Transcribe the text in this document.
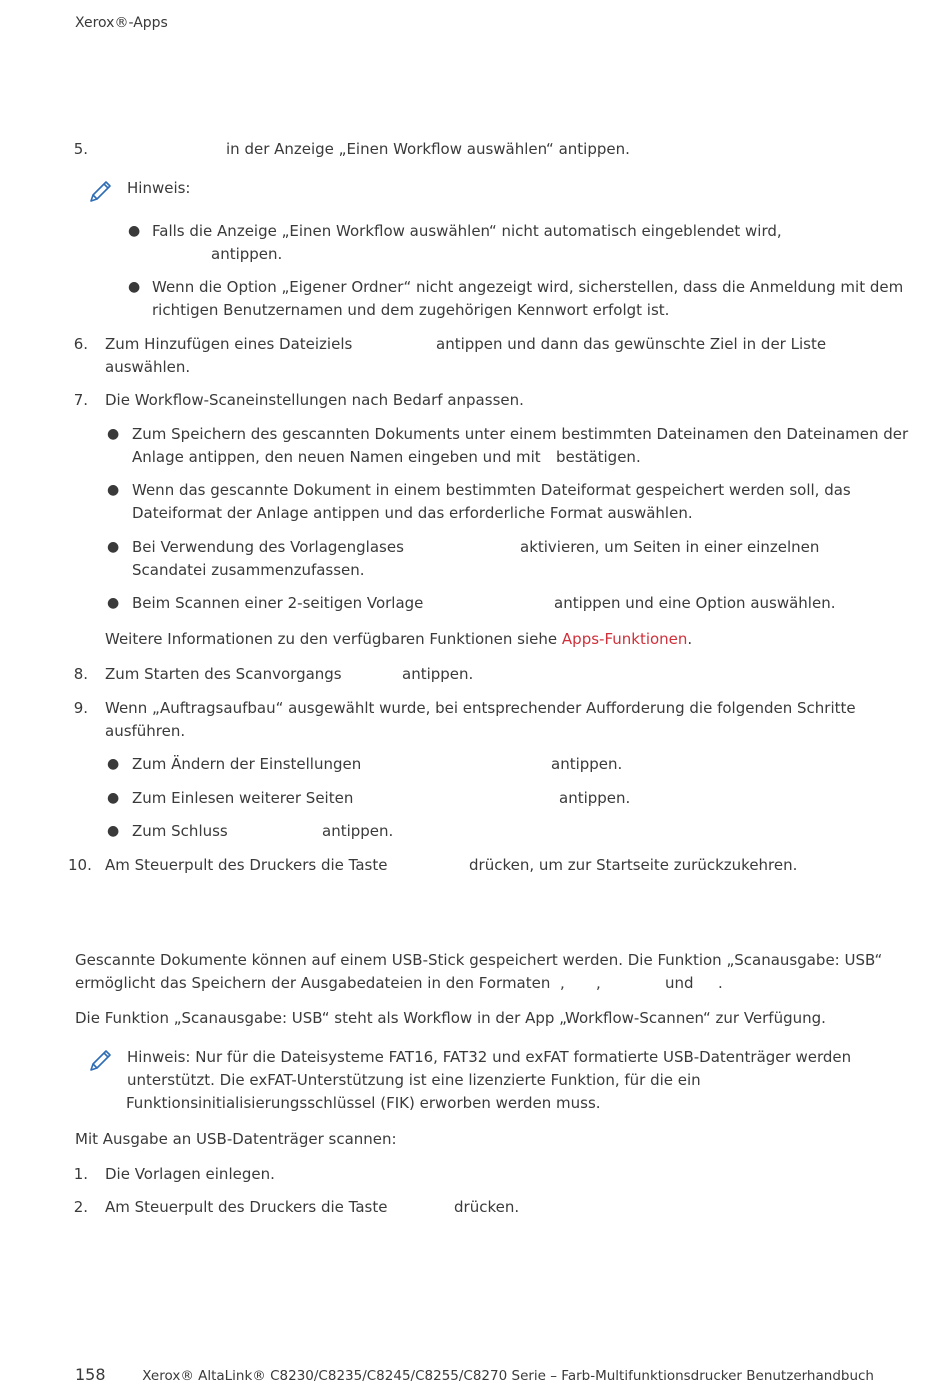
Xerox®-Apps
5.	in der Anzeige „Einen Workflow auswählen“ antippen.
Hinweis:
● Falls die Anzeige „Einen Workflow auswählen“ nicht automatisch eingeblendet wird,
antippen.
● Wenn die Option „Eigener Ordner“ nicht angezeigt wird, sicherstellen, dass die Anmeldung mit dem
richtigen Benutzernamen und dem zugehörigen Kennwort erfolgt ist.
6. Zum Hinzufügen eines Dateiziels	antippen und dann das gewünschte Ziel in der Liste
auswählen.
7. Die Workflow-Scaneinstellungen nach Bedarf anpassen.
● Zum Speichern des gescannten Dokuments unter einem bestimmten Dateinamen den Dateinamen der
Anlage antippen, den neuen Namen eingeben und mit bestätigen.
● Wenn das gescannte Dokument in einem bestimmten Dateiformat gespeichert werden soll, das
Dateiformat der Anlage antippen und das erforderliche Format auswählen.
● Bei Verwendung des Vorlagenglases	aktivieren, um Seiten in einer einzelnen
Scandatei zusammenzufassen.
● Beim Scannen einer 2-seitigen Vorlage	antippen und eine Option auswählen.
Weitere Informationen zu den verfügbaren Funktionen siehe Apps-Funktionen.
8. Zum Starten des Scanvorgangs	antippen.
9. Wenn „Auftragsaufbau“ ausgewählt wurde, bei entsprechender Aufforderung die folgenden Schritte
ausführen.
● Zum Ändern der Einstellungen	antippen.
● Zum Einlesen weiterer Seiten	antippen.
● Zum Schluss	antippen.
10. Am Steuerpult des Druckers die Taste	drücken, um zur Startseite zurückzukehren.
Gescannte Dokumente können auf einem USB-Stick gespeichert werden. Die Funktion „Scanausgabe: USB“
ermöglicht das Speichern der Ausgabedateien in den Formaten , ,	und .
Die Funktion „Scanausgabe: USB“ steht als Workflow in der App „Workflow-Scannen“ zur Verfügung.
Hinweis: Nur für die Dateisysteme FAT16, FAT32 und exFAT formatierte USB-Datenträger werden
unterstützt. Die exFAT-Unterstützung ist eine lizenzierte Funktion, für die ein
Funktionsinitialisierungsschlüssel (FIK) erworben werden muss.
Mit Ausgabe an USB-Datenträger scannen:
1. Die Vorlagen einlegen.
2. Am Steuerpult des Druckers die Taste	drücken.
158	Xerox® AltaLink® C8230/C8235/C8245/C8255/C8270 Serie – Farb-Multifunktionsdrucker Benutzerhandbuch
